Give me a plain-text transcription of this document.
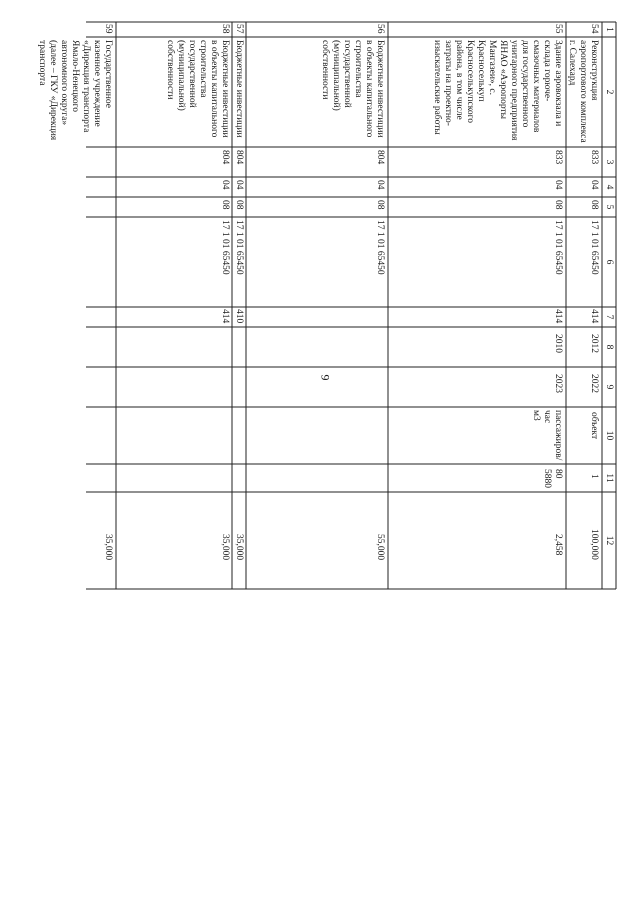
9
1
2
3
4
5
6
7
8
9
10
11
12
54
Реконструкция аэропортового комплекса г. Салехард
833
04
08
17 1 01 65450
414
2012
2022
объект
1
100,000
55
Здание аэровокзала и склада горюче-смазочных материалов для государственного унитарного предприятия ЯНАО «Аэропорты Мангазеи», с. Красноселькуп Красноселькупского района, в том числе затраты на проектно-изыскательские работы
833
04
08
17 1 01 65450
414
2010
2023
пассажиров/ час
м3
80
5880
2,458
56
Бюджетные инвестиции в объекты капитального строительства государственной (муниципальной) собственности
804
04
08
17 1 01 65450
55,000
57
Бюджетные инвестиции
804
04
08
17 1 01 65450
410
35,000
58
Бюджетные инвестиции в объекты капитального строительства государственной (муниципальной) собственности
804
04
08
17 1 01 65450
414
35,000
59
Государственное казенное учреждение «Дирекция транспорта Ямало-Ненецкого автономного округа» (далее – ГКУ «Дирекция транспорта
35,000
